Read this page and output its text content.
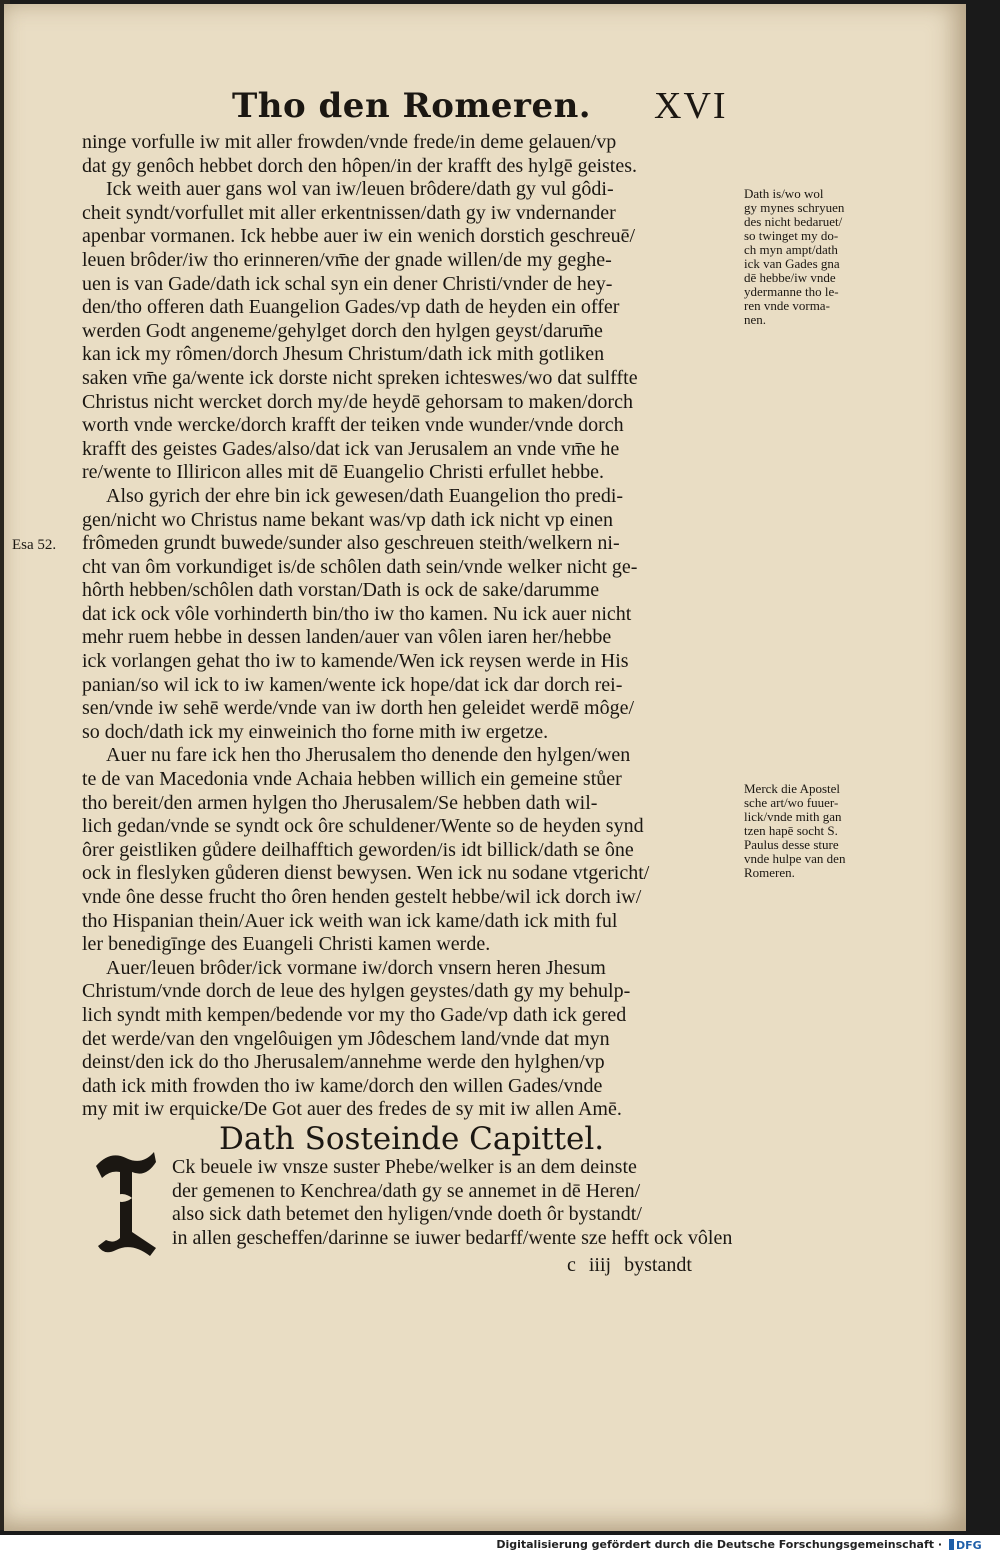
Tho den Romeren. XVI
ninge vorfulle iw mit aller frowden/vnde frede/in deme gelauen/vp
dat gy genôch hebbet dorch den hôpen/in der krafft des hylgē geistes.
Ick weith auer gans wol van iw/leuen brôdere/dath gy vul gôdi-
cheit syndt/vorfullet mit aller erkentnissen/dath gy iw vndernander
apenbar vormanen. Ick hebbe auer iw ein wenich dorstich geschreuē/
leuen brôder/iw tho erinneren/vm̄e der gnade willen/de my geghe-
uen is van Gade/dath ick schal syn ein dener Christi/vnder de hey-
den/tho offeren dath Euangelion Gades/vp dath de heyden ein offer
werden Godt angeneme/gehylget dorch den hylgen geyst/darum̄e
kan ick my rômen/dorch Jhesum Christum/dath ick mith gotliken
saken vm̄e ga/wente ick dorste nicht spreken ichteswes/wo dat sulffte
Christus nicht wercket dorch my/de heydē gehorsam to maken/dorch
worth vnde wercke/dorch krafft der teiken vnde wunder/vnde dorch
krafft des geistes Gades/also/dat ick van Jerusalem an vnde vm̄e he
re/wente to Illiricon alles mit dē Euangelio Christi erfullet hebbe.
Also gyrich der ehre bin ick gewesen/dath Euangelion tho predi-
gen/nicht wo Christus name bekant was/vp dath ick nicht vp einen
frômeden grundt buwede/sunder also geschreuen steith/welkern ni-
cht van ôm vorkundiget is/de schôlen dath sein/vnde welker nicht ge-
hôrth hebben/schôlen dath vorstan/Dath is ock de sake/darumme
dat ick ock vôle vorhinderth bin/tho iw tho kamen. Nu ick auer nicht
mehr ruem hebbe in dessen landen/auer van vôlen iaren her/hebbe
ick vorlangen gehat tho iw to kamende/Wen ick reysen werde in His
panian/so wil ick to iw kamen/wente ick hope/dat ick dar dorch rei-
sen/vnde iw sehē werde/vnde van iw dorth hen geleidet werdē môge/
so doch/dath ick my einweinich tho forne mith iw ergetze.
Auer nu fare ick hen tho Jherusalem tho denende den hylgen/wen
te de van Macedonia vnde Achaia hebben willich ein gemeine stůer
tho bereit/den armen hylgen tho Jherusalem/Se hebben dath wil-
lich gedan/vnde se syndt ock ôre schuldener/Wente so de heyden synd
ôrer geistliken gůdere deilhafftich geworden/is idt billick/dath se ône
ock in fleslyken gůderen dienst bewysen. Wen ick nu sodane vtgericht/
vnde ône desse frucht tho ôren henden gestelt hebbe/wil ick dorch iw/
tho Hispanian thein/Auer ick weith wan ick kame/dath ick mith ful
ler benedigīnge des Euangeli Christi kamen werde.
Auer/leuen brôder/ick vormane iw/dorch vnsern heren Jhesum
Christum/vnde dorch de leue des hylgen geystes/dath gy my behulp-
lich syndt mith kempen/bedende vor my tho Gade/vp dath ick gered
det werde/van den vngelôuigen ym Jôdeschem land/vnde dat myn
deinst/den ick do tho Jherusalem/annehme werde den hylghen/vp
dath ick mith frowden tho iw kame/dorch den willen Gades/vnde
my mit iw erquicke/De Got auer des fredes de sy mit iw allen Amē.
Dath is/wo wol
gy mynes schryuen
des nicht bedaruet/
so twinget my do-
ch myn ampt/dath
ick van Gades gna
dē hebbe/iw vnde
ydermanne tho le-
ren vnde vorma-
nen.
Merck die Apostel
sche art/wo fuuer-
lick/vnde mith gan
tzen hapē socht S.
Paulus desse sture
vnde hulpe van den
Romeren.
Esa 52.
Dath Sosteinde Capittel.
Ck beuele iw vnsze suster Phebe/welker is an dem deinste
der gemenen to Kenchrea/dath gy se annemet in dē Heren/
also sick dath betemet den hyligen/vnde doeth ôr bystandt/
in allen gescheffen/darinne se iuwer bedarff/wente sze hefft ock vôlen
c iiij bystandt
Digitalisierung gefördert durch die Deutsche Forschungsgemeinschaft · DFG
